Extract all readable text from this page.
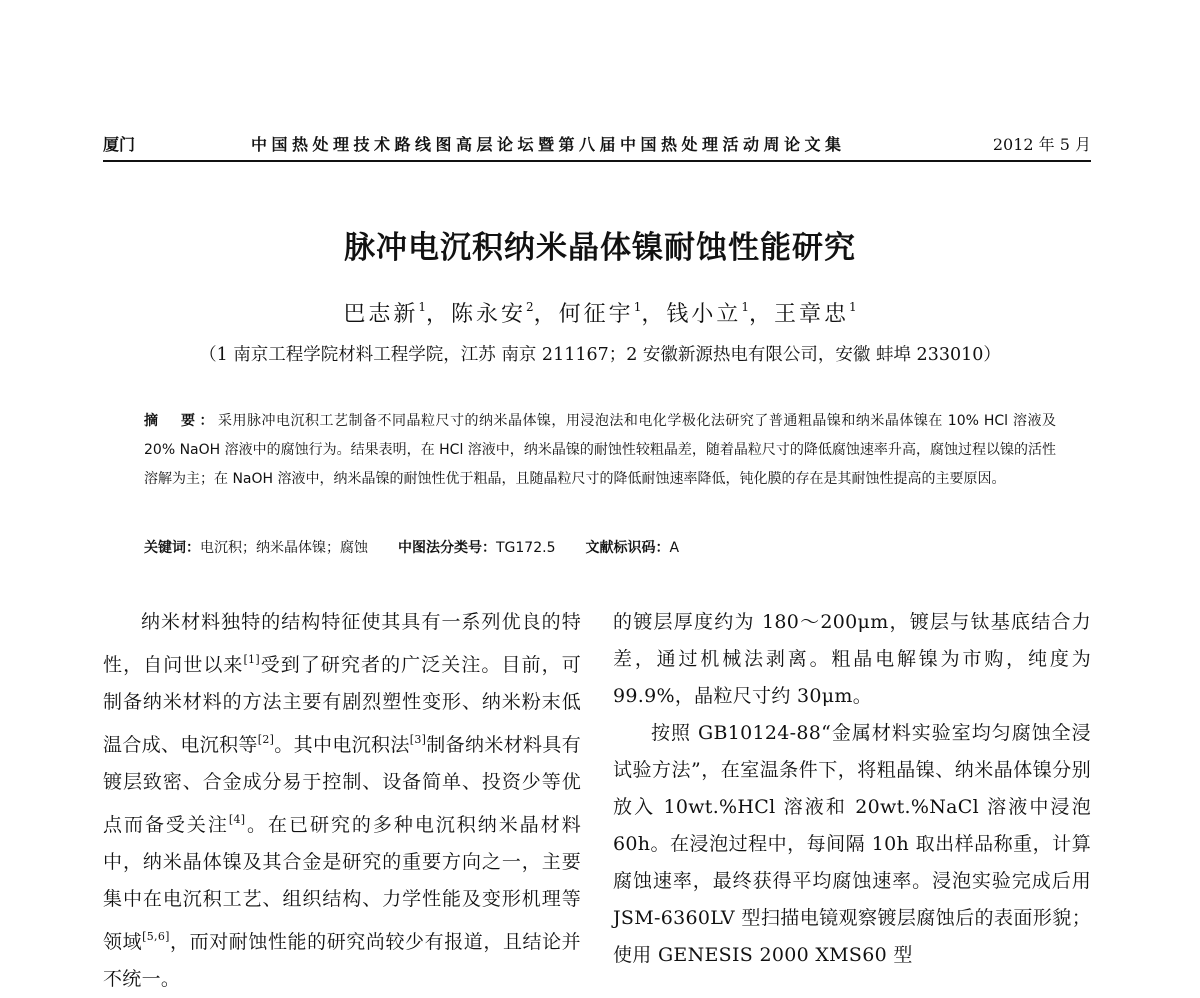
厦门	中国热处理技术路线图高层论坛暨第八届中国热处理活动周论文集	2012 年 5 月
脉冲电沉积纳米晶体镍耐蚀性能研究
巴志新$^1$，陈永安$^2$，何征宇$^1$，钱小立$^1$，王章忠$^1$
（1 南京工程学院材料工程学院，江苏 南京 211167；2 安徽新源热电有限公司，安徽 蚌埠 233010）
摘　要：采用脉冲电沉积工艺制备不同晶粒尺寸的纳米晶体镍，用浸泡法和电化学极化法研究了普通粗晶镍和纳米晶体镍在 10% HCl 溶液及 20% NaOH 溶液中的腐蚀行为。结果表明，在 HCl 溶液中，纳米晶镍的耐蚀性较粗晶差，随着晶粒尺寸的降低腐蚀速率升高，腐蚀过程以镍的活性溶解为主；在 NaOH 溶液中，纳米晶镍的耐蚀性优于粗晶，且随晶粒尺寸的降低耐蚀速率降低，钝化膜的存在是其耐蚀性提高的主要原因。
关键词：电沉积；纳米晶体镍；腐蚀 中图法分类号：TG172.5 文献标识码：A

纳米材料独特的结构特征使其具有一系列优良的特性，自问世以来[1]受到了研究者的广泛关注。目前，可制备纳米材料的方法主要有剧烈塑性变形、纳米粉末低温合成、电沉积等[2]。其中电沉积法[3]制备纳米材料具有镀层致密、合金成分易于控制、设备简单、投资少等优点而备受关注[4]。在已研究的多种电沉积纳米晶材料中，纳米晶体镍及其合金是研究的重要方向之一，主要集中在电沉积工艺、组织结构、力学性能及变形机理等领域[5,6]，而对耐蚀性能的研究尚较少有报道，且结论并不统一。

的镀层厚度约为 180～200μm，镀层与钛基底结合力差，通过机械法剥离。粗晶电解镍为市购，纯度为 99.9%，晶粒尺寸约 30μm。

按照 GB10124-88“金属材料实验室均匀腐蚀全浸试验方法”，在室温条件下，将粗晶镍、纳米晶体镍分别放入 10wt.%HCl 溶液和 20wt.%NaCl 溶液中浸泡 60h。在浸泡过程中，每间隔 10h 取出样品称重，计算腐蚀速率，最终获得平均腐蚀速率。浸泡实验完成后用 JSM-6360LV 型扫描电镜观察镀层腐蚀后的表面形貌；使用 GENESIS 2000 XMS60 型
